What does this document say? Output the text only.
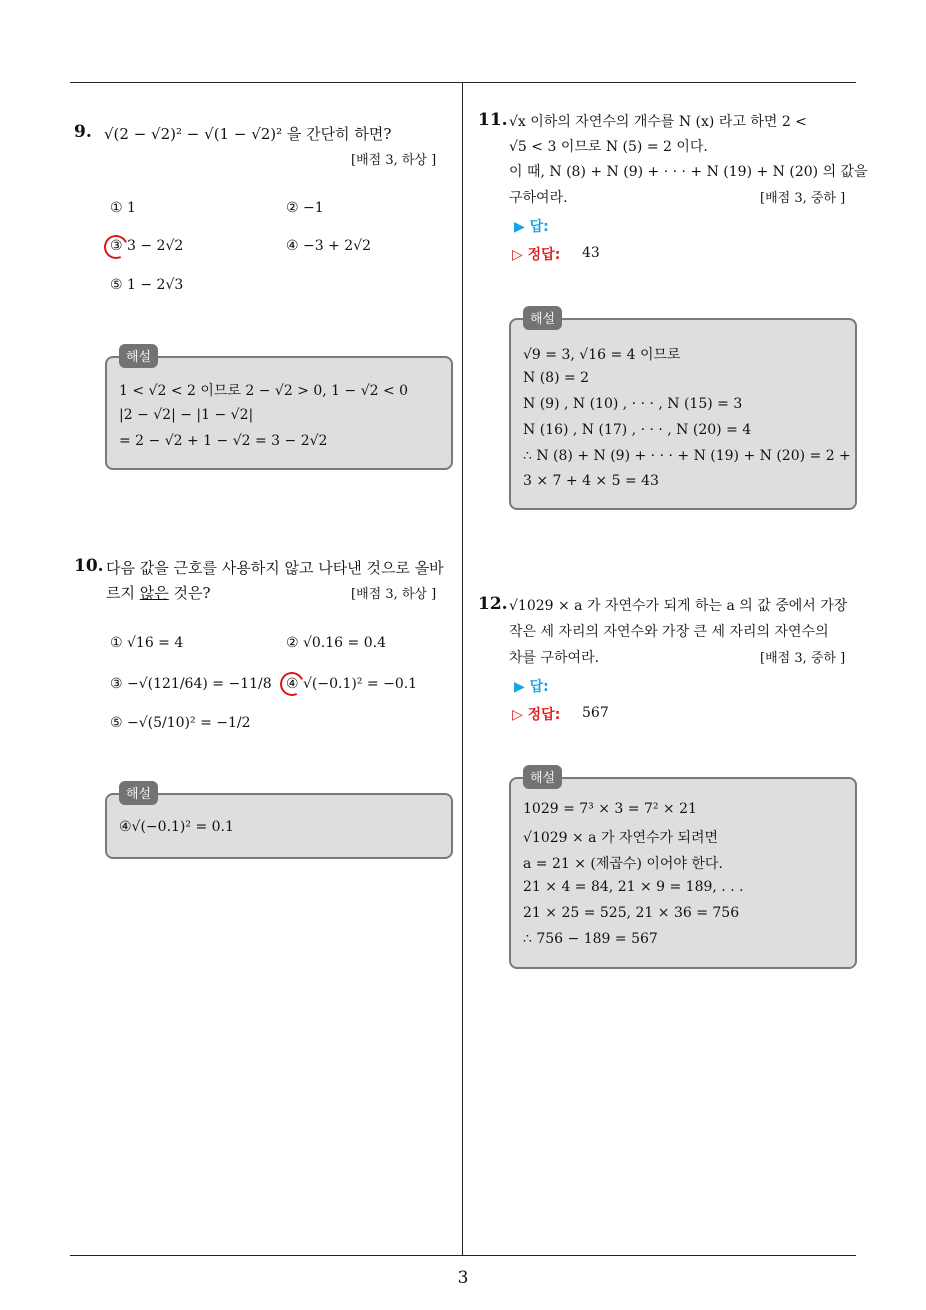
3
9. √(2 − √2)² − √(1 − √2)² 을 간단히 하면?
[배점 3, 하상 ]
① 1	② −1
③ 3 − 2√2	④ −3 + 2√2
⑤ 1 − 2√3
1 < √2 < 2 이므로 2 − √2 > 0, 1 − √2 < 0
|2 − √2| − |1 − √2|
= 2 − √2 + 1 − √2 = 3 − 2√2
해설
10. 다음 값을 근호를 사용하지 않고 나타낸 것으로 올바
르지 않은 것은?	[배점 3, 하상 ]
① √16 = 4	② √0.16 = 0.4
③ −√(121/64) = −11/8 ④ √(−0.1)² = −0.1
⑤ −√(5/10)² = −1/2
④√(−0.1)² = 0.1
해설
11. √x 이하의 자연수의 개수를 N (x) 라고 하면 2 <
√5 < 3 이므로 N (5) = 2 이다.
이 때, N (8) + N (9) + · · · + N (19) + N (20) 의 값을
구하여라.	[배점 3, 중하 ]
▶ 답:
▷ 정답: 43
√9 = 3, √16 = 4 이므로
N (8) = 2
N (9) , N (10) , · · · , N (15) = 3
N (16) , N (17) , · · · , N (20) = 4
∴ N (8) + N (9) + · · · + N (19) + N (20) = 2 +
3 × 7 + 4 × 5 = 43
해설
12. √1029 × a 가 자연수가 되게 하는 a 의 값 중에서 가장
작은 세 자리의 자연수와 가장 큰 세 자리의 자연수의
차를 구하여라.	[배점 3, 중하 ]
▶ 답:
▷ 정답: 567
1029 = 7³ × 3 = 7² × 21
√1029 × a 가 자연수가 되려면
a = 21 × (제곱수) 이어야 한다.
21 × 4 = 84, 21 × 9 = 189, . . .
21 × 25 = 525, 21 × 36 = 756
∴ 756 − 189 = 567
해설
